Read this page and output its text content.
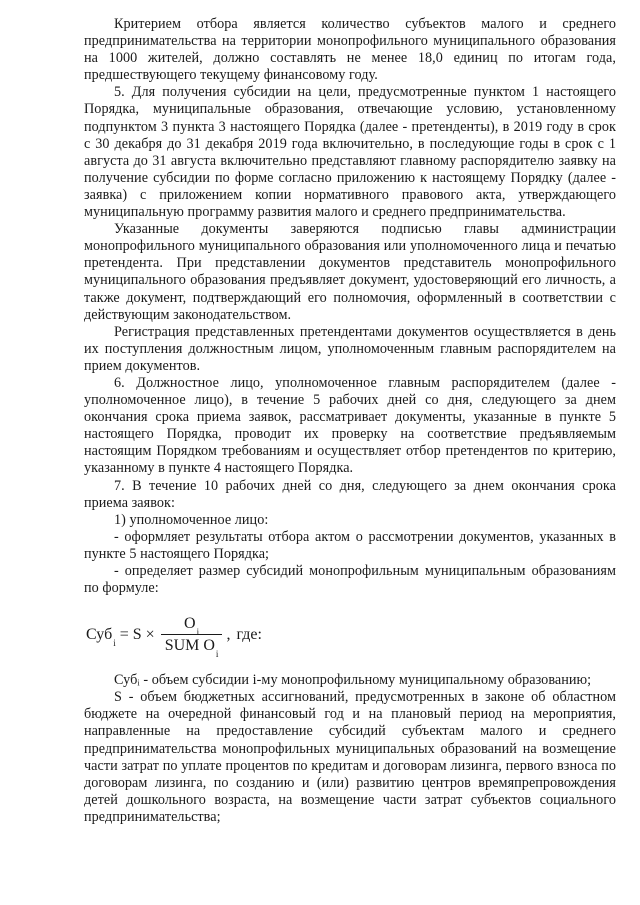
Критерием отбора является количество субъектов малого и среднего предпринимательства на территории монопрофильного муниципального образования на 1000 жителей, должно составлять не менее 18,0 единиц по итогам года, предшествующего текущему финансовому году.

5. Для получения субсидии на цели, предусмотренные пунктом 1 настоящего Порядка, муниципальные образования, отвечающие условию, установленному подпунктом 3 пункта 3 настоящего Порядка (далее - претенденты), в 2019 году в срок с 30 декабря до 31 декабря 2019 года включительно, в последующие годы в срок с 1 августа до 31 августа включительно представляют главному распорядителю заявку на получение субсидии по форме согласно приложению к настоящему Порядку (далее - заявка) с приложением копии нормативного правового акта, утверждающего муниципальную программу развития малого и среднего предпринимательства.

Указанные документы заверяются подписью главы администрации монопрофильного муниципального образования или уполномоченного лица и печатью претендента. При представлении документов представитель монопрофильного муниципального образования предъявляет документ, удостоверяющий его личность, а также документ, подтверждающий его полномочия, оформленный в соответствии с действующим законодательством.

Регистрация представленных претендентами документов осуществляется в день их поступления должностным лицом, уполномоченным главным распорядителем на прием документов.

6. Должностное лицо, уполномоченное главным распорядителем (далее - уполномоченное лицо), в течение 5 рабочих дней со дня, следующего за днем окончания срока приема заявок, рассматривает документы, указанные в пункте 5 настоящего Порядка, проводит их проверку на соответствие предъявляемым настоящим Порядком требованиям и осуществляет отбор претендентов по критерию, указанному в пункте 4 настоящего Порядка.

7. В течение 10 рабочих дней со дня, следующего за днем окончания срока приема заявок:

1) уполномоченное лицо:

- оформляет результаты отбора актом о рассмотрении документов, указанных в пункте 5 настоящего Порядка;

- определяет размер субсидий монопрофильным муниципальным образованиям по формуле:

Суб $i = S \times \frac{\text{O i}}{\text{SUM O i}}$ , где:

Субᵢ - объем субсидии i-му монопрофильному муниципальному образованию;

S - объем бюджетных ассигнований, предусмотренных в законе об областном бюджете на очередной финансовый год и на плановый период на мероприятия, направленные на предоставление субсидий субъектам малого и среднего предпринимательства монопрофильных муниципальных образований на возмещение части затрат по уплате процентов по кредитам и договорам лизинга, первого взноса по договорам лизинга, по созданию и (или) развитию центров времяпрепровождения детей дошкольного возраста, на возмещение части затрат субъектов социального предпринимательства;
